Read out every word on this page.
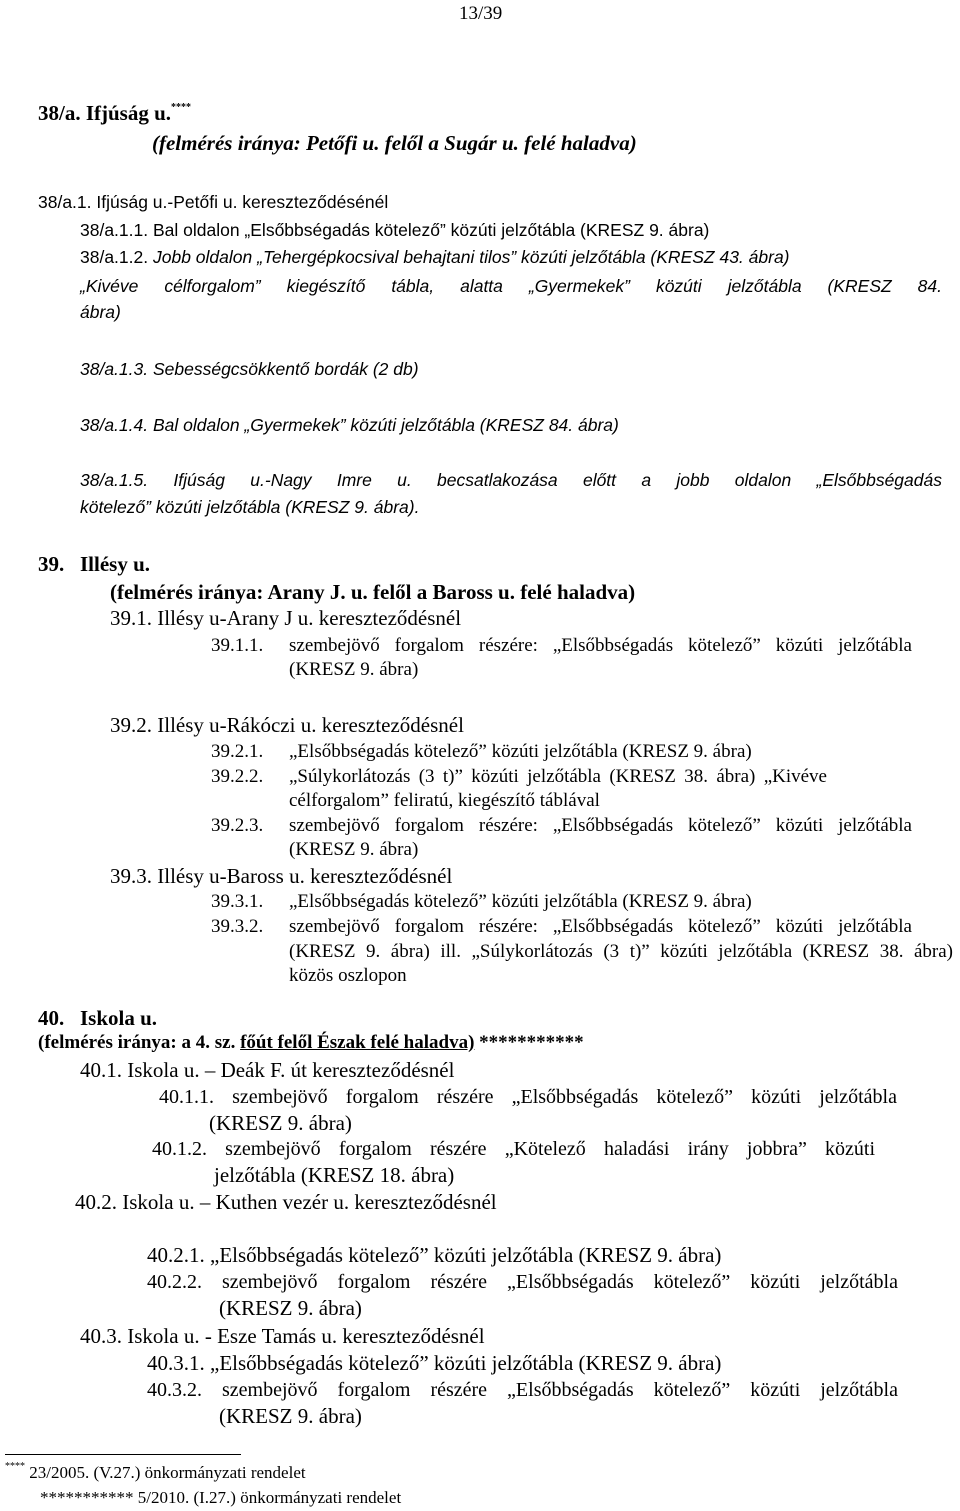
13/39
38/a. Ifjúság u.****
(felmérés iránya: Petőfi u. felől a Sugár u. felé haladva)
38/a.1. Ifjúság u.-Petőfi u. kereszteződésénél
38/a.1.1. Bal oldalon „Elsőbbségadás kötelező” közúti jelzőtábla (KRESZ 9. ábra)
38/a.1.2. Jobb oldalon „Tehergépkocsival behajtani tilos” közúti jelzőtábla (KRESZ 43. ábra)
„Kivéve célforgalom” kiegészítő tábla, alatta „Gyermekek” közúti jelzőtábla (KRESZ 84.
ábra)
38/a.1.3. Sebességcsökkentő bordák (2 db)
38/a.1.4. Bal oldalon „Gyermekek” közúti jelzőtábla (KRESZ 84. ábra)
38/a.1.5. Ifjúság u.-Nagy Imre u. becsatlakozása előtt a jobb oldalon „Elsőbbségadás
kötelező” közúti jelzőtábla (KRESZ 9. ábra).
39. Illésy u.
(felmérés iránya: Arany J. u. felől a Baross u. felé haladva)
39.1. Illésy u-Arany J u. kereszteződésnél
39.1.1. szembejövő forgalom részére: „Elsőbbségadás kötelező” közúti jelzőtábla
(KRESZ 9. ábra)
39.2. Illésy u-Rákóczi u. kereszteződésnél
39.2.1. „Elsőbbségadás kötelező” közúti jelzőtábla (KRESZ 9. ábra)
39.2.2. „Súlykorlátozás (3 t)” közúti jelzőtábla (KRESZ 38. ábra) „Kivéve
célforgalom” feliratú, kiegészítő táblával
39.2.3. szembejövő forgalom részére: „Elsőbbségadás kötelező” közúti jelzőtábla
(KRESZ 9. ábra)
39.3. Illésy u-Baross u. kereszteződésnél
39.3.1. „Elsőbbségadás kötelező” közúti jelzőtábla (KRESZ 9. ábra)
39.3.2. szembejövő forgalom részére: „Elsőbbségadás kötelező” közúti jelzőtábla
(KRESZ 9. ábra) ill. „Súlykorlátozás (3 t)” közúti jelzőtábla (KRESZ 38. ábra)
közös oszlopon
40. Iskola u.
(felmérés iránya: a 4. sz. főút felől Észak felé haladva) ***********
40.1. Iskola u. – Deák F. út kereszteződésnél
40.1.1. szembejövő forgalom részére „Elsőbbségadás kötelező” közúti jelzőtábla
(KRESZ 9. ábra)
40.1.2. szembejövő forgalom részére „Kötelező haladási irány jobbra” közúti
jelzőtábla (KRESZ 18. ábra)
40.2. Iskola u. – Kuthen vezér u. kereszteződésnél
40.2.1. „Elsőbbségadás kötelező” közúti jelzőtábla (KRESZ 9. ábra)
40.2.2. szembejövő forgalom részére „Elsőbbségadás kötelező” közúti jelzőtábla
(KRESZ 9. ábra)
40.3. Iskola u. - Esze Tamás u. kereszteződésnél
40.3.1. „Elsőbbségadás kötelező” közúti jelzőtábla (KRESZ 9. ábra)
40.3.2. szembejövő forgalom részére „Elsőbbségadás kötelező” közúti jelzőtábla
(KRESZ 9. ábra)
**** 23/2005. (V.27.) önkormányzati rendelet
*********** 5/2010. (I.27.) önkormányzati rendelet
